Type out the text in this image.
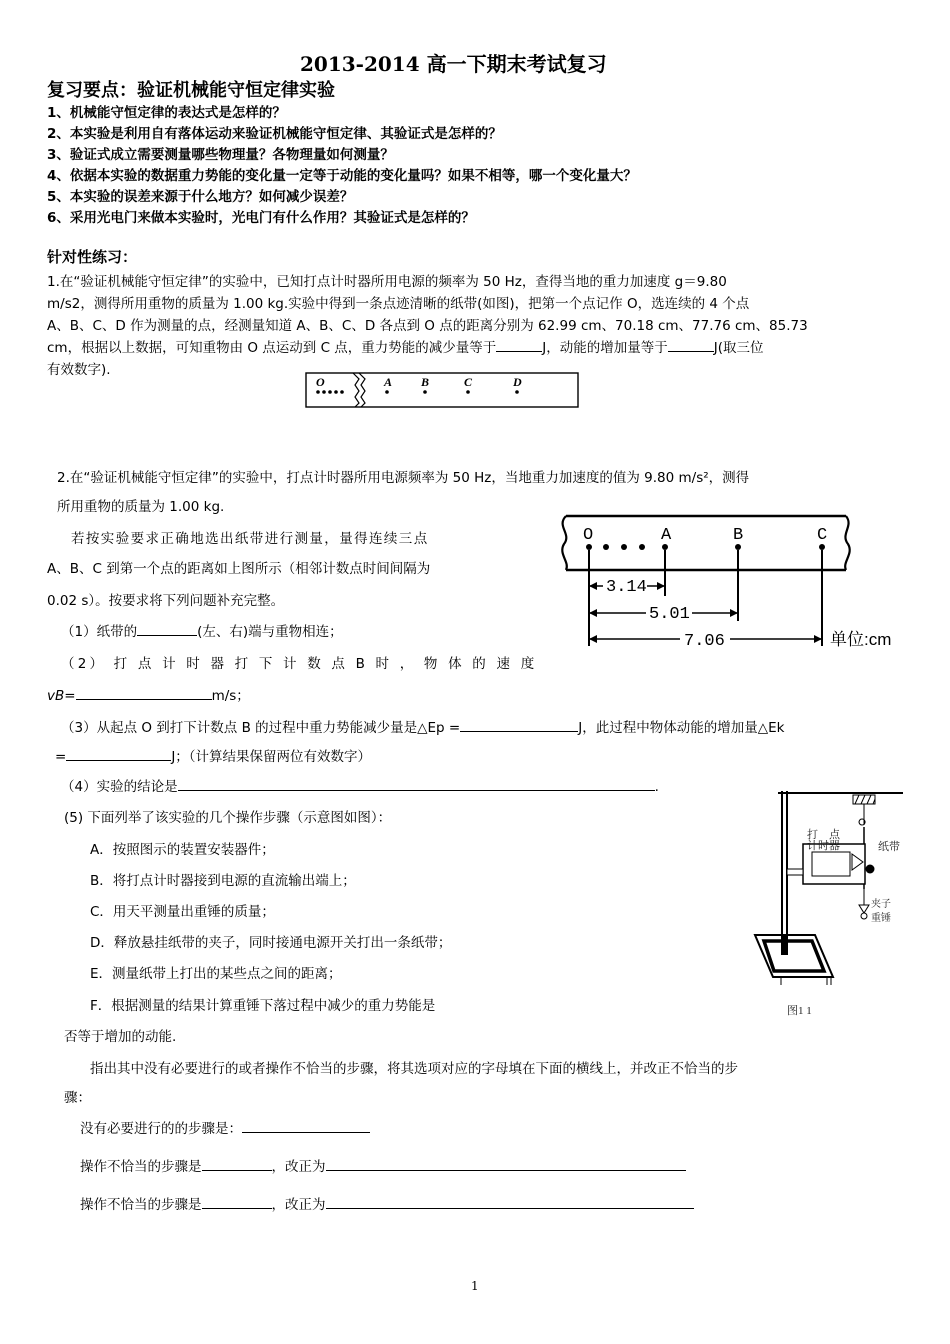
2013-2014 高一下期末考试复习
复习要点：验证机械能守恒定律实验
1、机械能守恒定律的表达式是怎样的？
2、本实验是利用自有落体运动来验证机械能守恒定律、其验证式是怎样的？
3、验证式成立需要测量哪些物理量？各物理量如何测量？
4、依据本实验的数据重力势能的变化量一定等于动能的变化量吗？如果不相等，哪一个变化量大？
5、本实验的误差来源于什么地方？如何减少误差？
6、采用光电门来做本实验时，光电门有什么作用？其验证式是怎样的？
针对性练习：
1.在“验证机械能守恒定律”的实验中，已知打点计时器所用电源的频率为 50 Hz，查得当地的重力加速度 g＝9.80
m/s2，测得所用重物的质量为 1.00 kg.实验中得到一条点迹清晰的纸带(如图)，把第一个点记作 O，选连续的 4 个点
A、B、C、D 作为测量的点，经测量知道 A、B、C、D 各点到 O 点的距离分别为 62.99 cm、70.18 cm、77.76 cm、85.73
cm，根据以上数据，可知重物由 O 点运动到 C 点，重力势能的减少量等于	J，动能的增加量等于	J(取三位
有效数字).
O	A B	C	D
2.在“验证机械能守恒定律”的实验中，打点计时器所用电源频率为 50 Hz，当地重力加速度的值为 9.80 m/s²，测得
所用重物的质量为 1.00 kg.
若按实验要求正确地选出纸带进行测量，量得连续三点
A、B、C 到第一个点的距离如上图所示（相邻计数点时间间隔为
0.02 s）。按要求将下列问题补充完整。
（1）纸带的	(左、右)端与重物相连；
（2） 打 点 计 时 器 打 下 计 数 点 B 时 ， 物 体 的 速 度
vB=	m/s；
（3）从起点 O 到打下计数点 B 的过程中重力势能减少量是△Ep =	J，此过程中物体动能的增加量△Ek
=	J；（计算结果保留两位有效数字）
（4）实验的结论是	.
(5) 下面列举了该实验的几个操作步骤（示意图如图）：
A．按照图示的装置安装器件；
B．将打点计时器接到电源的直流输出端上；
C．用天平测量出重锤的质量；
D．释放悬挂纸带的夹子，同时接通电源开关打出一条纸带；
E．测量纸带上打出的某些点之间的距离；
F．根据测量的结果计算重锤下落过程中减少的重力势能是
否等于增加的动能.
指出其中没有必要进行的或者操作不恰当的步骤，将其选项对应的字母填在下面的横线上，并改正不恰当的步
骤：
没有必要进行的的步骤是：
操作不恰当的步骤是	，改正为
操作不恰当的步骤是	，改正为
O	A	B	C
3.14
5.01
7.06	单位:cm
打　点
计时器	纸带
夹子
重锤
图1 1
1
